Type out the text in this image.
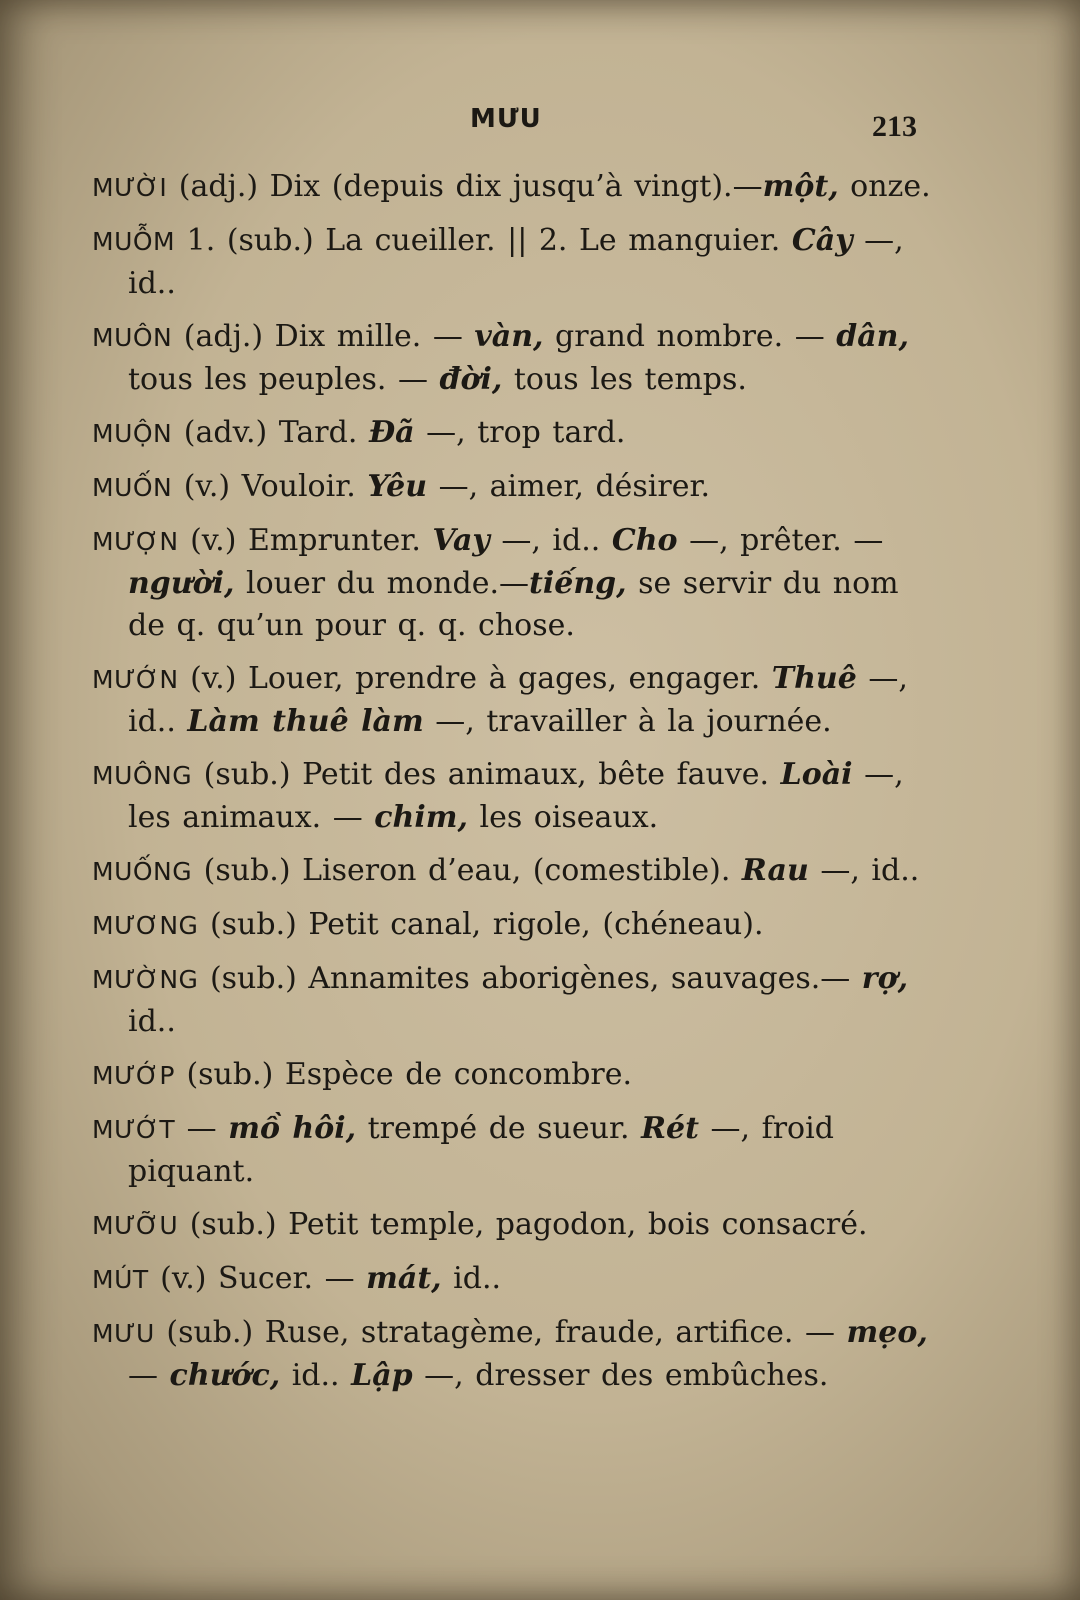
MƯU	213
MƯỜI (adj.) Dix (depuis dix jusqu’à vingt).—một, onze.
MUỖM 1. (sub.) La cueiller. || 2. Le manguier. Cây —, id..
MUÔN (adj.) Dix mille. — vàn, grand nombre. — dân, tous les peuples. — đời, tous les temps.
MUỘN (adv.) Tard. Đã —, trop tard.
MUỐN (v.) Vouloir. Yêu —, aimer, désirer.
MƯỢN (v.) Emprunter. Vay —, id.. Cho —, prêter. —người, louer du monde.—tiếng, se servir du nom de q. qu’un pour q. q. chose.
MƯỚN (v.) Louer, prendre à gages, engager. Thuê —, id.. Làm thuê làm —, travailler à la journée.
MUÔNG (sub.) Petit des animaux, bête fauve. Loài —, les animaux. — chim, les oiseaux.
MUỐNG (sub.) Liseron d’eau, (comestible). Rau —, id..
MƯƠNG (sub.) Petit canal, rigole, (chéneau).
MƯỜNG (sub.) Annamites aborigènes, sauvages.— rợ, id..
MƯỚP (sub.) Espèce de concombre.
MƯỚT — mồ hôi, trempé de sueur. Rét —, froid piquant.
MƯỠU (sub.) Petit temple, pagodon, bois consacré.
MÚT (v.) Sucer. — mát, id..
MƯU (sub.) Ruse, stratagème, fraude, artifice. — mẹo, — chước, id.. Lập —, dresser des embûches.
